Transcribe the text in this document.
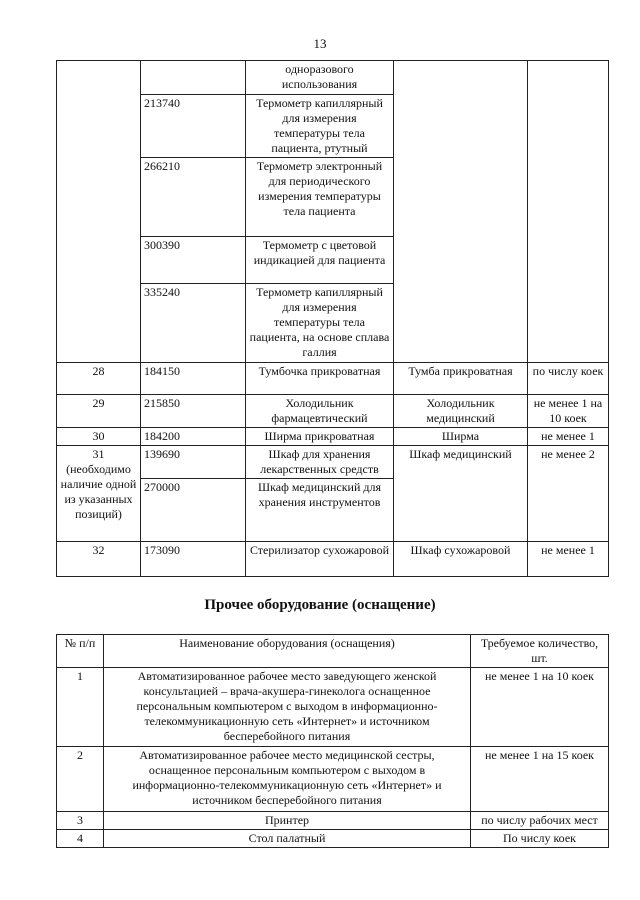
13
		одноразового использования		
	213740	Термометр капиллярный для измерения температуры тела пациента, ртутный		
	266210	Термометр электронный для периодического измерения температуры тела пациента		
	300390	Термометр с цветовой индикацией для пациента		
	335240	Термометр капиллярный для измерения температуры тела пациента, на основе сплава галлия		
28	184150	Тумбочка прикроватная	Тумба прикроватная	по числу коек
29	215850	Холодильник фармацевтический	Холодильник медицинский	не менее 1 на 10 коек
30	184200	Ширма прикроватная	Ширма	не менее 1
31 (необходимо наличие одной из указанных позиций)	139690	Шкаф для хранения лекарственных средств	Шкаф медицинский	не менее 2
	270000	Шкаф медицинский для хранения инструментов		
32	173090	Стерилизатор сухожаровой	Шкаф сухожаровой	не менее 1
Прочее оборудование (оснащение)
№ п/п	Наименование оборудования (оснащения)	Требуемое количество, шт.
1	Автоматизированное рабочее место заведующего женской консультацией – врача-акушера-гинеколога оснащенное персональным компьютером с выходом в информационно-телекоммуникационную сеть «Интернет» и источником бесперебойного питания	не менее 1 на 10 коек
2	Автоматизированное рабочее место медицинской сестры, оснащенное персональным компьютером с выходом в информационно-телекоммуникационную сеть «Интернет» и источником бесперебойного питания	не менее 1 на 15 коек
3	Принтер	по числу рабочих мест
4	Стол палатный	По числу коек
